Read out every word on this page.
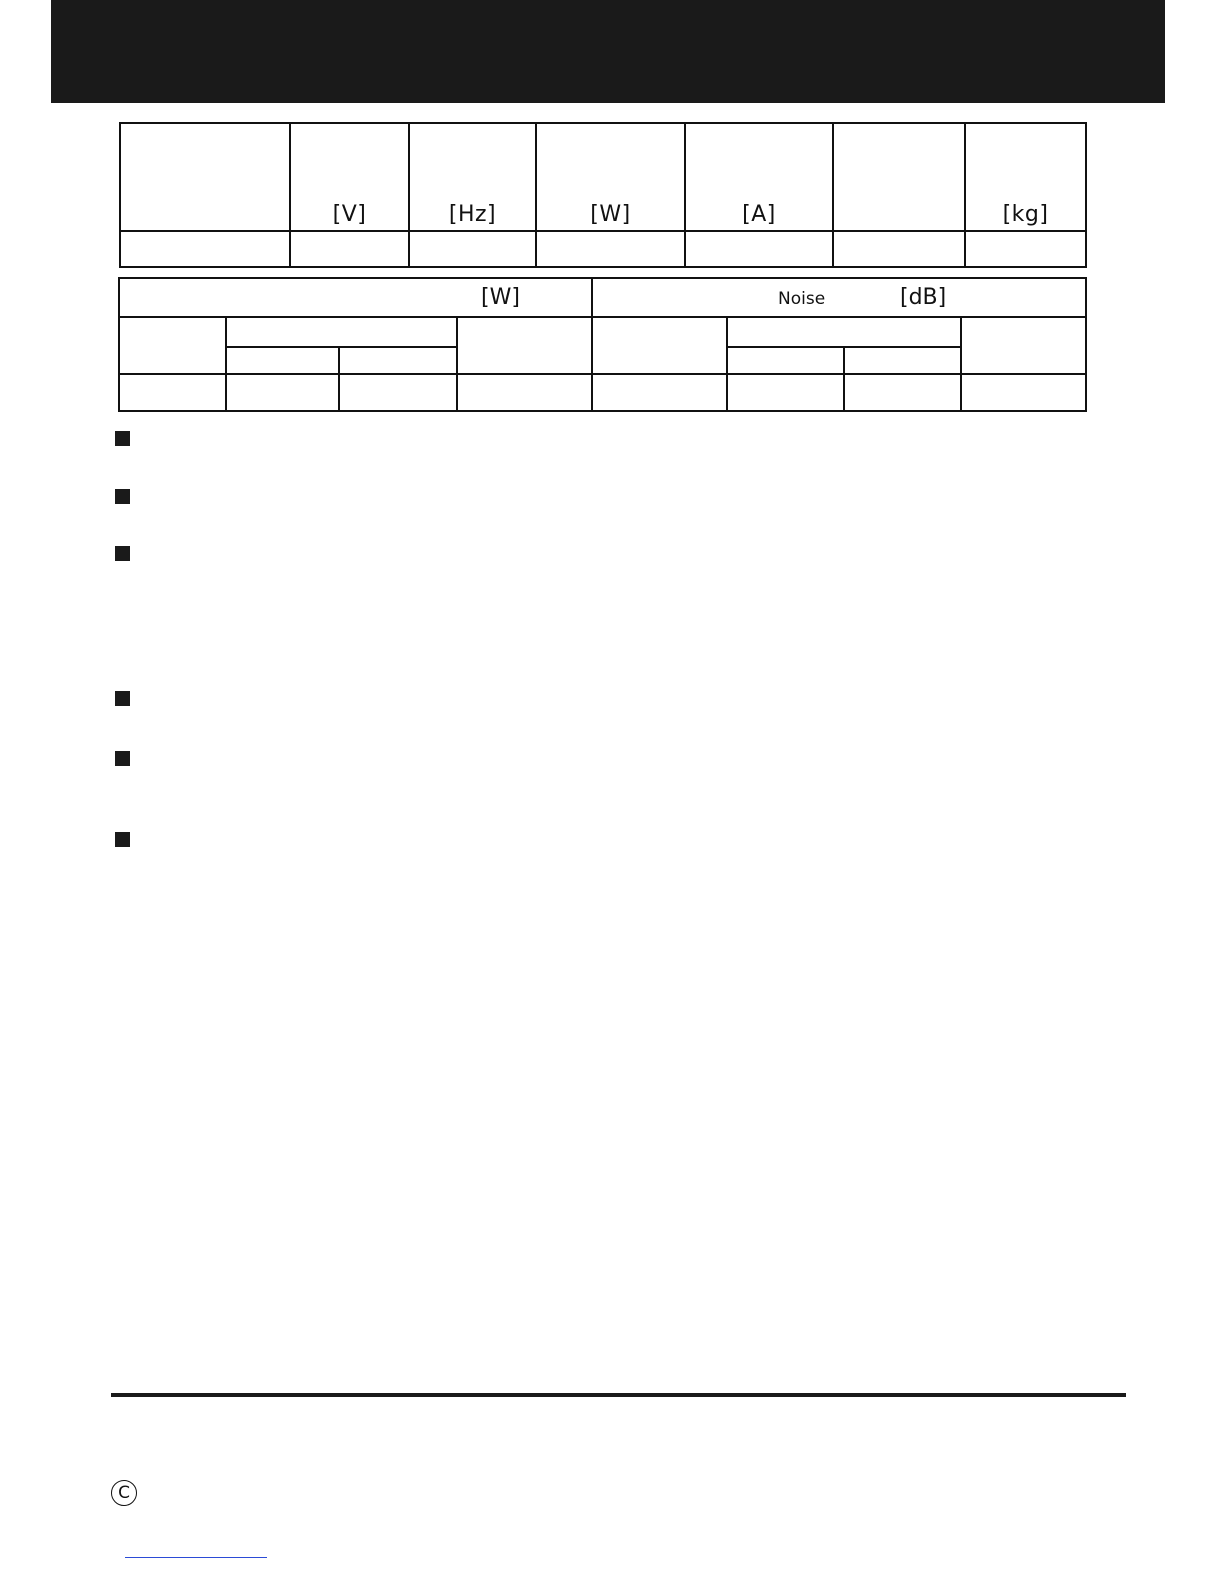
	[V]	[Hz]	[W]	[A]		[kg]

[W]				Noise [dB]			

C
